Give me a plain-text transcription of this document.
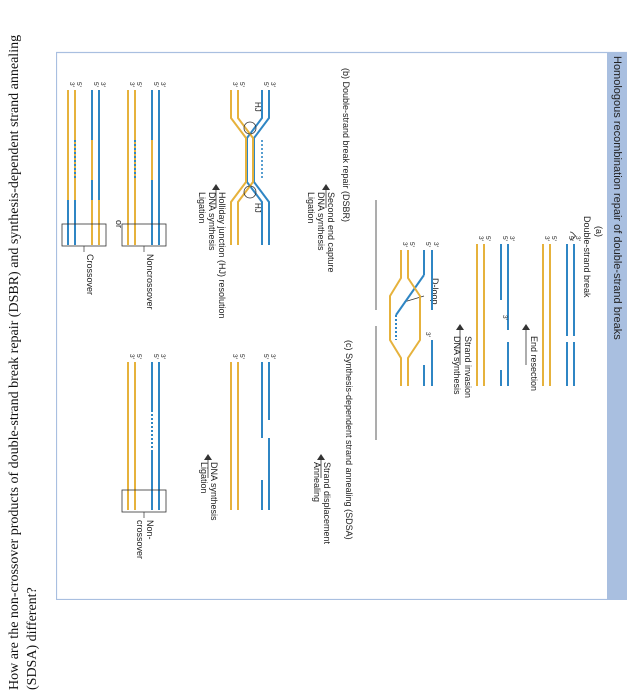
How are the non-crossover products of double-strand break repair (DSBR) and synthesis-dependent strand annealing (SDSA) different?
Homologous recombination repair of double-strand breaks
(a)
Double-strand break
3′
5′
5′
3′
End resection
3′
5′
3′
5′
3′
Strand invasion
DNA synthesis
D-loop
3′
5′
5′
3′
3′
(b) Double-strand break repair (DSBR)
Second end capture
DNA synthesis
Ligation
HJ
HJ
3′
5′
5′
3′
Holliday junction (HJ) resolution
DNA synthesis
Ligation
3′
5′
5′
3′
Noncrossover
or
3′
5′
5′
3′
Crossover
(c) Synthesis-dependent strand annealing (SDSA)
Strand displacement
Annealing
3′
5′
5′
3′
DNA synthesis
Ligation
3′
5′
5′
3′
Non-
crossover
